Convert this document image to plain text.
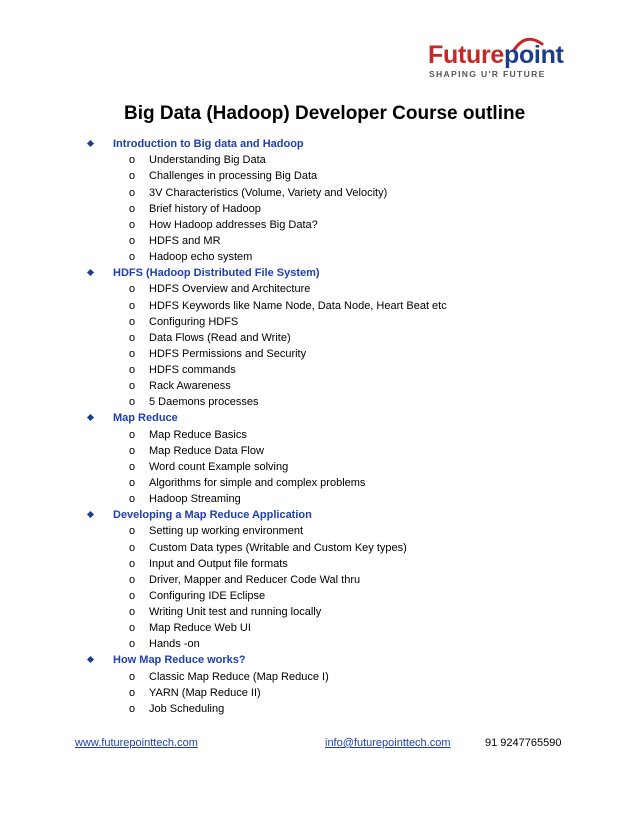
Futurepoint
SHAPING U'R FUTURE
Big Data (Hadoop) Developer Course outline
Introduction to Big data and Hadoop
o Understanding Big Data
o Challenges in processing Big Data
o 3V Characteristics (Volume, Variety and Velocity)
o Brief history of Hadoop
o How Hadoop addresses Big Data?
o HDFS and MR
o Hadoop echo system
HDFS (Hadoop Distributed File System)
o HDFS Overview and Architecture
o HDFS Keywords like Name Node, Data Node, Heart Beat etc
o Configuring HDFS
o Data Flows (Read and Write)
o HDFS Permissions and Security
o HDFS commands
o Rack Awareness
o 5 Daemons processes
Map Reduce
o Map Reduce Basics
o Map Reduce Data Flow
o Word count Example solving
o Algorithms for simple and complex problems
o Hadoop Streaming
Developing a Map Reduce Application
o Setting up working environment
o Custom Data types (Writable and Custom Key types)
o Input and Output file formats
o Driver, Mapper and Reducer Code Wal thru
o Configuring IDE Eclipse
o Writing Unit test and running locally
o Map Reduce Web UI
o Hands -on
How Map Reduce works?
o Classic Map Reduce (Map Reduce I)
o YARN (Map Reduce II)
o Job Scheduling
www.futurepointtech.com	info@futurepointtech.com	91 9247765590
